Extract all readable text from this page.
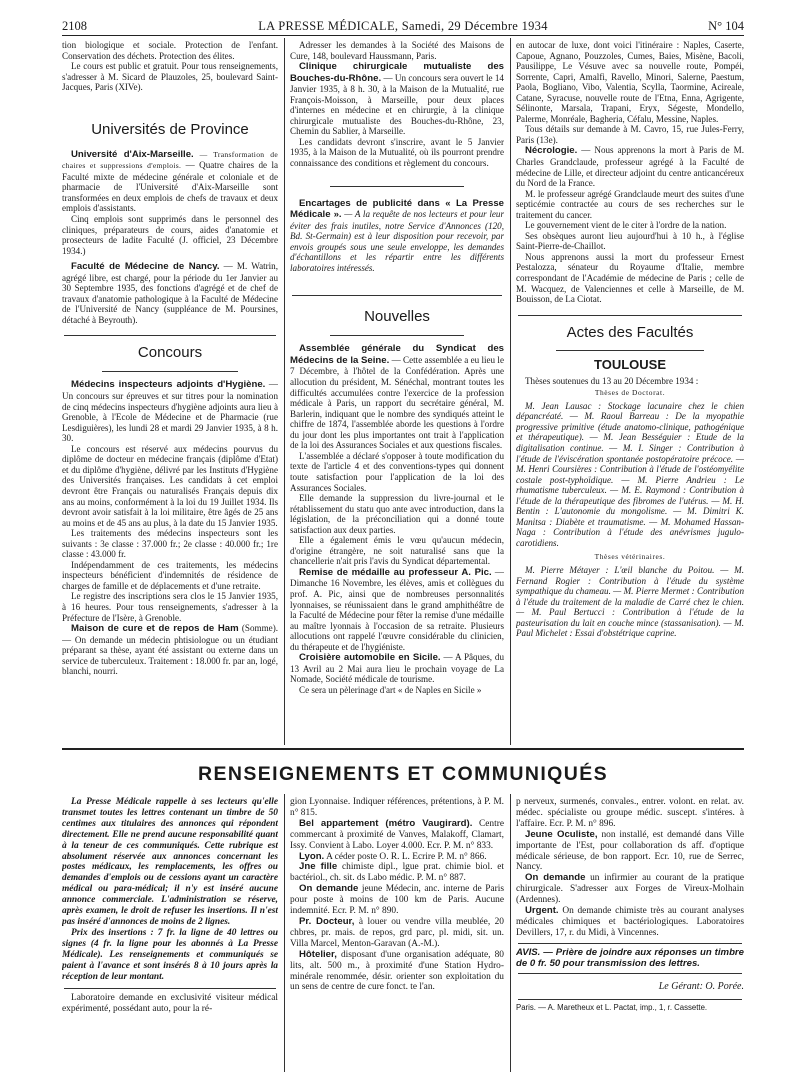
2108	LA PRESSE MÉDICALE, Samedi, 29 Décembre 1934	N° 104

tion biologique et sociale. Protection de l'enfant. Conservation des déchets. Protection des élites.

Le cours est public et gratuit. Pour tous renseignements, s'adresser à M. Sicard de Plauzoles, 25, boulevard Saint-Jacques, Paris (XIVe).

Universités de Province

Université d'Aix-Marseille. — Transformation de chaires et suppressions d'emplois. — Quatre chaires de la Faculté mixte de médecine générale et coloniale et de pharmacie de l'Université d'Aix-Marseille sont transformées en deux emplois de chefs de travaux et deux emplois d'assistants.

Cinq emplois sont supprimés dans le personnel des cliniques, préparateurs de cours, aides d'anatomie et prosecteurs de ladite Faculté (J. officiel, 23 Décembre 1934.)

Faculté de Médecine de Nancy. — M. Watrin, agrégé libre, est chargé, pour la période du 1er Janvier au 30 Septembre 1935, des fonctions d'agrégé et de chef de travaux d'anatomie pathologique à la Faculté de Médecine de l'Université de Nancy (suppléance de M. Poursines, détaché à Beyrouth).

Concours

Médecins inspecteurs adjoints d'Hygiène. — Un concours sur épreuves et sur titres pour la nomination de cinq médecins inspecteurs d'hygiène adjoints aura lieu à Grenoble, à l'Ecole de Médecine et de Pharmacie (rue Lesdiguières), les lundi 28 et mardi 29 Janvier 1935, à 8 h. 30.

Le concours est réservé aux médecins pourvus du diplôme de docteur en médecine français (diplôme d'Etat) et du diplôme d'hygiène, délivré par les Instituts d'Hygiène des Universités françaises. Les candidats à cet emploi devront être Français ou naturalisés Français depuis dix ans au moins, conformément à la loi du 19 Juillet 1934. Ils devront avoir satisfait à la loi militaire, être âgés de 25 ans au moins et de 45 ans au plus, à la date du 15 Janvier 1935.

Les traitements des médecins inspecteurs sont les suivants : 3e classe : 37.000 fr.; 2e classe : 40.000 fr.; 1re classe : 43.000 fr.

Indépendamment de ces traitements, les médecins inspecteurs bénéficient d'indemnités de résidence de charges de famille et de déplacements et d'une retraite.

Le registre des inscriptions sera clos le 15 Janvier 1935, à 16 heures. Pour tous renseignements, s'adresser à la Préfecture de l'Isère, à Grenoble.

Maison de cure et de repos de Ham (Somme). — On demande un médecin phtisiologue ou un étudiant préparant sa thèse, ayant été assistant ou externe dans un service de tuberculeux. Traitement : 18.000 fr. par an, logé, blanchi, nourri.

Adresser les demandes à la Société des Maisons de Cure, 148, boulevard Haussmann, Paris.

Clinique chirurgicale mutualiste des Bouches-du-Rhône. — Un concours sera ouvert le 14 Janvier 1935, à 8 h. 30, à la Maison de la Mutualité, rue François-Moisson, à Marseille, pour deux places d'internes en médecine et en chirurgie, à la clinique chirurgicale mutualiste des Bouches-du-Rhône, 23, Chemin du Sablier, à Marseille.

Les candidats devront s'inscrire, avant le 5 Janvier 1935, à la Maison de la Mutualité, où ils pourront prendre connaissance des conditions et règlement du concours.

Encartages de publicité dans « La Presse Médicale ». — A la requête de nos lecteurs et pour leur éviter des frais inutiles, notre Service d'Annonces (120, Bd. St-Germain) est à leur disposition pour recevoir, par envois groupés sous une seule enveloppe, les demandes d'échantillons et les répartir entre les différents laboratoires intéressés.

Nouvelles

Assemblée générale du Syndicat des Médecins de la Seine. — Cette assemblée a eu lieu le 7 Décembre, à l'hôtel de la Confédération. Après une allocution du président, M. Sénéchal, montrant toutes les difficultés accumulées contre l'exercice de la profession médicale à Paris, un rapport du secrétaire général, M. Barlerin, indiquant que le nombre des syndiqués atteint le chiffre de 1874, l'assemblée aborde les questions à l'ordre du jour dont les plus importantes ont trait à l'application de la loi des Assurances Sociales et aux questions fiscales.

L'assemblée a déclaré s'opposer à toute modification du texte de l'article 4 et des conventions-types qui donnent toute satisfaction pour l'application de la loi des Assurances Sociales.

Elle demande la suppression du livre-journal et le rétablissement du statu quo ante avec introduction, dans la législation, de la préconciliation qui a donné toute satisfaction aux deux parties.

Elle a également émis le vœu qu'aucun médecin, d'origine étrangère, ne soit naturalisé sans que la chancellerie n'ait pris l'avis du Syndicat départemental.

Remise de médaille au professeur A. Pic. — Dimanche 16 Novembre, les élèves, amis et collègues du prof. A. Pic, ainsi que de nombreuses personnalités lyonnaises, se réunissaient dans le grand amphithéâtre de la Faculté de Médecine pour fêter la remise d'une médaille au maître lyonnais à l'occasion de sa retraite. Plusieurs allocutions ont rappelé l'œuvre considérable du clinicien, du thérapeute et de l'hygiéniste.

Croisière automobile en Sicile. — A Pâques, du 13 Avril au 2 Mai aura lieu le prochain voyage de La Nomade, Société médicale de tourisme.

Ce sera un pèlerinage d'art « de Naples en Sicile »

en autocar de luxe, dont voici l'itinéraire : Naples, Caserte, Capoue, Agnano, Pouzzoles, Cumes, Baies, Misène, Bacoli, Pausilippe, Le Vésuve avec sa nouvelle route, Pompéi, Sorrente, Capri, Amalfi, Ravello, Minori, Salerne, Paestum, Paola, Bogliano, Vibo, Valentia, Scylla, Taormine, Acireale, Catane, Syracuse, nouvelle route de l'Etna, Enna, Agrigente, Sélinonte, Marsala, Trapani, Eryx, Ségeste, Mondello, Palerme, Monréale, Bagheria, Céfalu, Messine, Naples.

Tous détails sur demande à M. Cavro, 15, rue Jules-Ferry, Paris (13e).

Nécrologie. — Nous apprenons la mort à Paris de M. Charles Grandclaude, professeur agrégé à la Faculté de médecine de Lille, et directeur adjoint du centre anticancéreux du Nord de la France.

M. le professeur agrégé Grandclaude meurt des suites d'une septicémie contractée au cours de ses recherches sur le traitement du cancer.

Le gouvernement vient de le citer à l'ordre de la nation.

Ses obsèques auront lieu aujourd'hui à 10 h., à l'église Saint-Pierre-de-Chaillot.

Nous apprenons aussi la mort du professeur Ernest Pestalozza, sénateur du Royaume d'Italie, membre correspondant de l'Académie de médecine de Paris ; celle de M. Wacquez, de Valenciennes et celle à Marseille, de M. Bouisson, de La Ciotat.

Actes des Facultés
TOULOUSE

Thèses soutenues du 13 au 20 Décembre 1934 :

Thèses de Doctorat.

M. Jean Lausac : Stockage lacunaire chez le chien dépancréaté. — M. Raoul Barreau : De la myopathie progressive primitive (étude anatomo-clinique, pathogénique et thérapeutique). — M. Jean Bességuier : Etude de la digitalisation continue. — M. I. Singer : Contribution à l'étude de l'éviscération spontanée postopératoire précoce. — M. Henri Coursières : Contribution à l'étude de l'ostéomyélite costale post-typhoïdique. — M. Pierre Andrieu : Le rhumatisme tuberculeux. — M. E. Raymond : Contribution à l'étude de la thérapeutique des fibromes de l'utérus. — M. H. Bentin : L'autonomie du mongolisme. — M. Dimitri K. Manitsa : Diabète et traumatisme. — M. Mohamed Hassan-Naga : Contribution à l'étude des anévrismes jugulo-carotidiens.

Thèses vétérinaires.

M. Pierre Métayer : L'œil blanche du Poitou. — M. Fernand Rogier : Contribution à l'étude du système sympathique du chameau. — M. Pierre Mermet : Contribution à l'étude du traitement de la maladie de Carré chez le chien. — M. Paul Bertucci : Contribution à l'étude de la pasteurisation du lait en couche mince (stassanisation). — M. Paul Michelet : Essai d'obstétrique caprine.

RENSEIGNEMENTS ET COMMUNIQUÉS

La Presse Médicale rappelle à ses lecteurs qu'elle transmet toutes les lettres contenant un timbre de 50 centimes aux titulaires des annonces qui répondent directement. Elle ne prend aucune responsabilité quant à la teneur de ces communiqués. Cette rubrique est absolument réservée aux annonces concernant les postes médicaux, les remplacements, les offres ou demandes d'emplois ou de cessions ayant un caractère médical ou para-médical; il n'y est inséré aucune annonce commerciale. L'administration se réserve, après examen, le droit de refuser les insertions. Il n'est pas inséré d'annonces de moins de 2 lignes.

Prix des insertions : 7 fr. la ligne de 40 lettres ou signes (4 fr. la ligne pour les abonnés à La Presse Médicale). Les renseignements et communiqués se paient à l'avance et sont insérés 8 à 10 jours après la réception de leur montant.

Laboratoire demande en exclusivité visiteur médical expérimenté, possédant auto, pour la ré-

gion Lyonnaise. Indiquer références, prétentions, à P. M. n° 815.

Bel appartement (métro Vaugirard). Centre commercant à proximité de Vanves, Malakoff, Clamart, Issy. Convient à Labo. Loyer 4.000. Ecr. P. M. n° 833.

Lyon. A céder poste O. R. L. Ecrire P. M. n° 866.

Jne fille chimiste dipl., lgue prat. chimie biol. et bactériol., ch. sit. ds Labo médic. P. M. n° 887.

On demande jeune Médecin, anc. interne de Paris pour poste à moins de 100 km de Paris. Aucune indemnité. Ecr. P. M. n° 890.

Pr. Docteur, à louer ou vendre villa meublée, 20 chbres, pr. mais. de repos, grd parc, pl. midi, sit. un. Villa Marcel, Menton-Garavan (A.-M.).

Hôtelier, disposant d'une organisation adéquate, 80 lits, alt. 500 m., à proximité d'une Station Hydro-minérale renommée, désir. orienter son exploitation du un sens de centre de cure fonct. te l'an.

p nerveux, surmenés, convales., entrer. volont. en relat. av. médec. spécialiste ou groupe médic. suscept. s'intéres. à l'affaire. Ecr. P. M. n° 896.

Jeune Oculiste, non installé, est demandé dans Ville importante de l'Est, pour collaboration ds aff. d'optique médicale sérieuse, de bon rapport. Ecr. 10, rue de Serrec, Nancy.

On demande un infirmier au courant de la pratique chirurgicale. S'adresser aux Forges de Vireux-Molhain (Ardennes).

Urgent. On demande chimiste très au courant analyses médicales chimiques et bactériologiques. Laboratoires Devillers, 17, r. du Midi, à Vincennes.

AVIS. — Prière de joindre aux réponses un timbre de 0 fr. 50 pour transmission des lettres.
Le Gérant: O. Porée.
Paris. — A. Maretheux et L. Pactat, imp., 1, r. Cassette.
